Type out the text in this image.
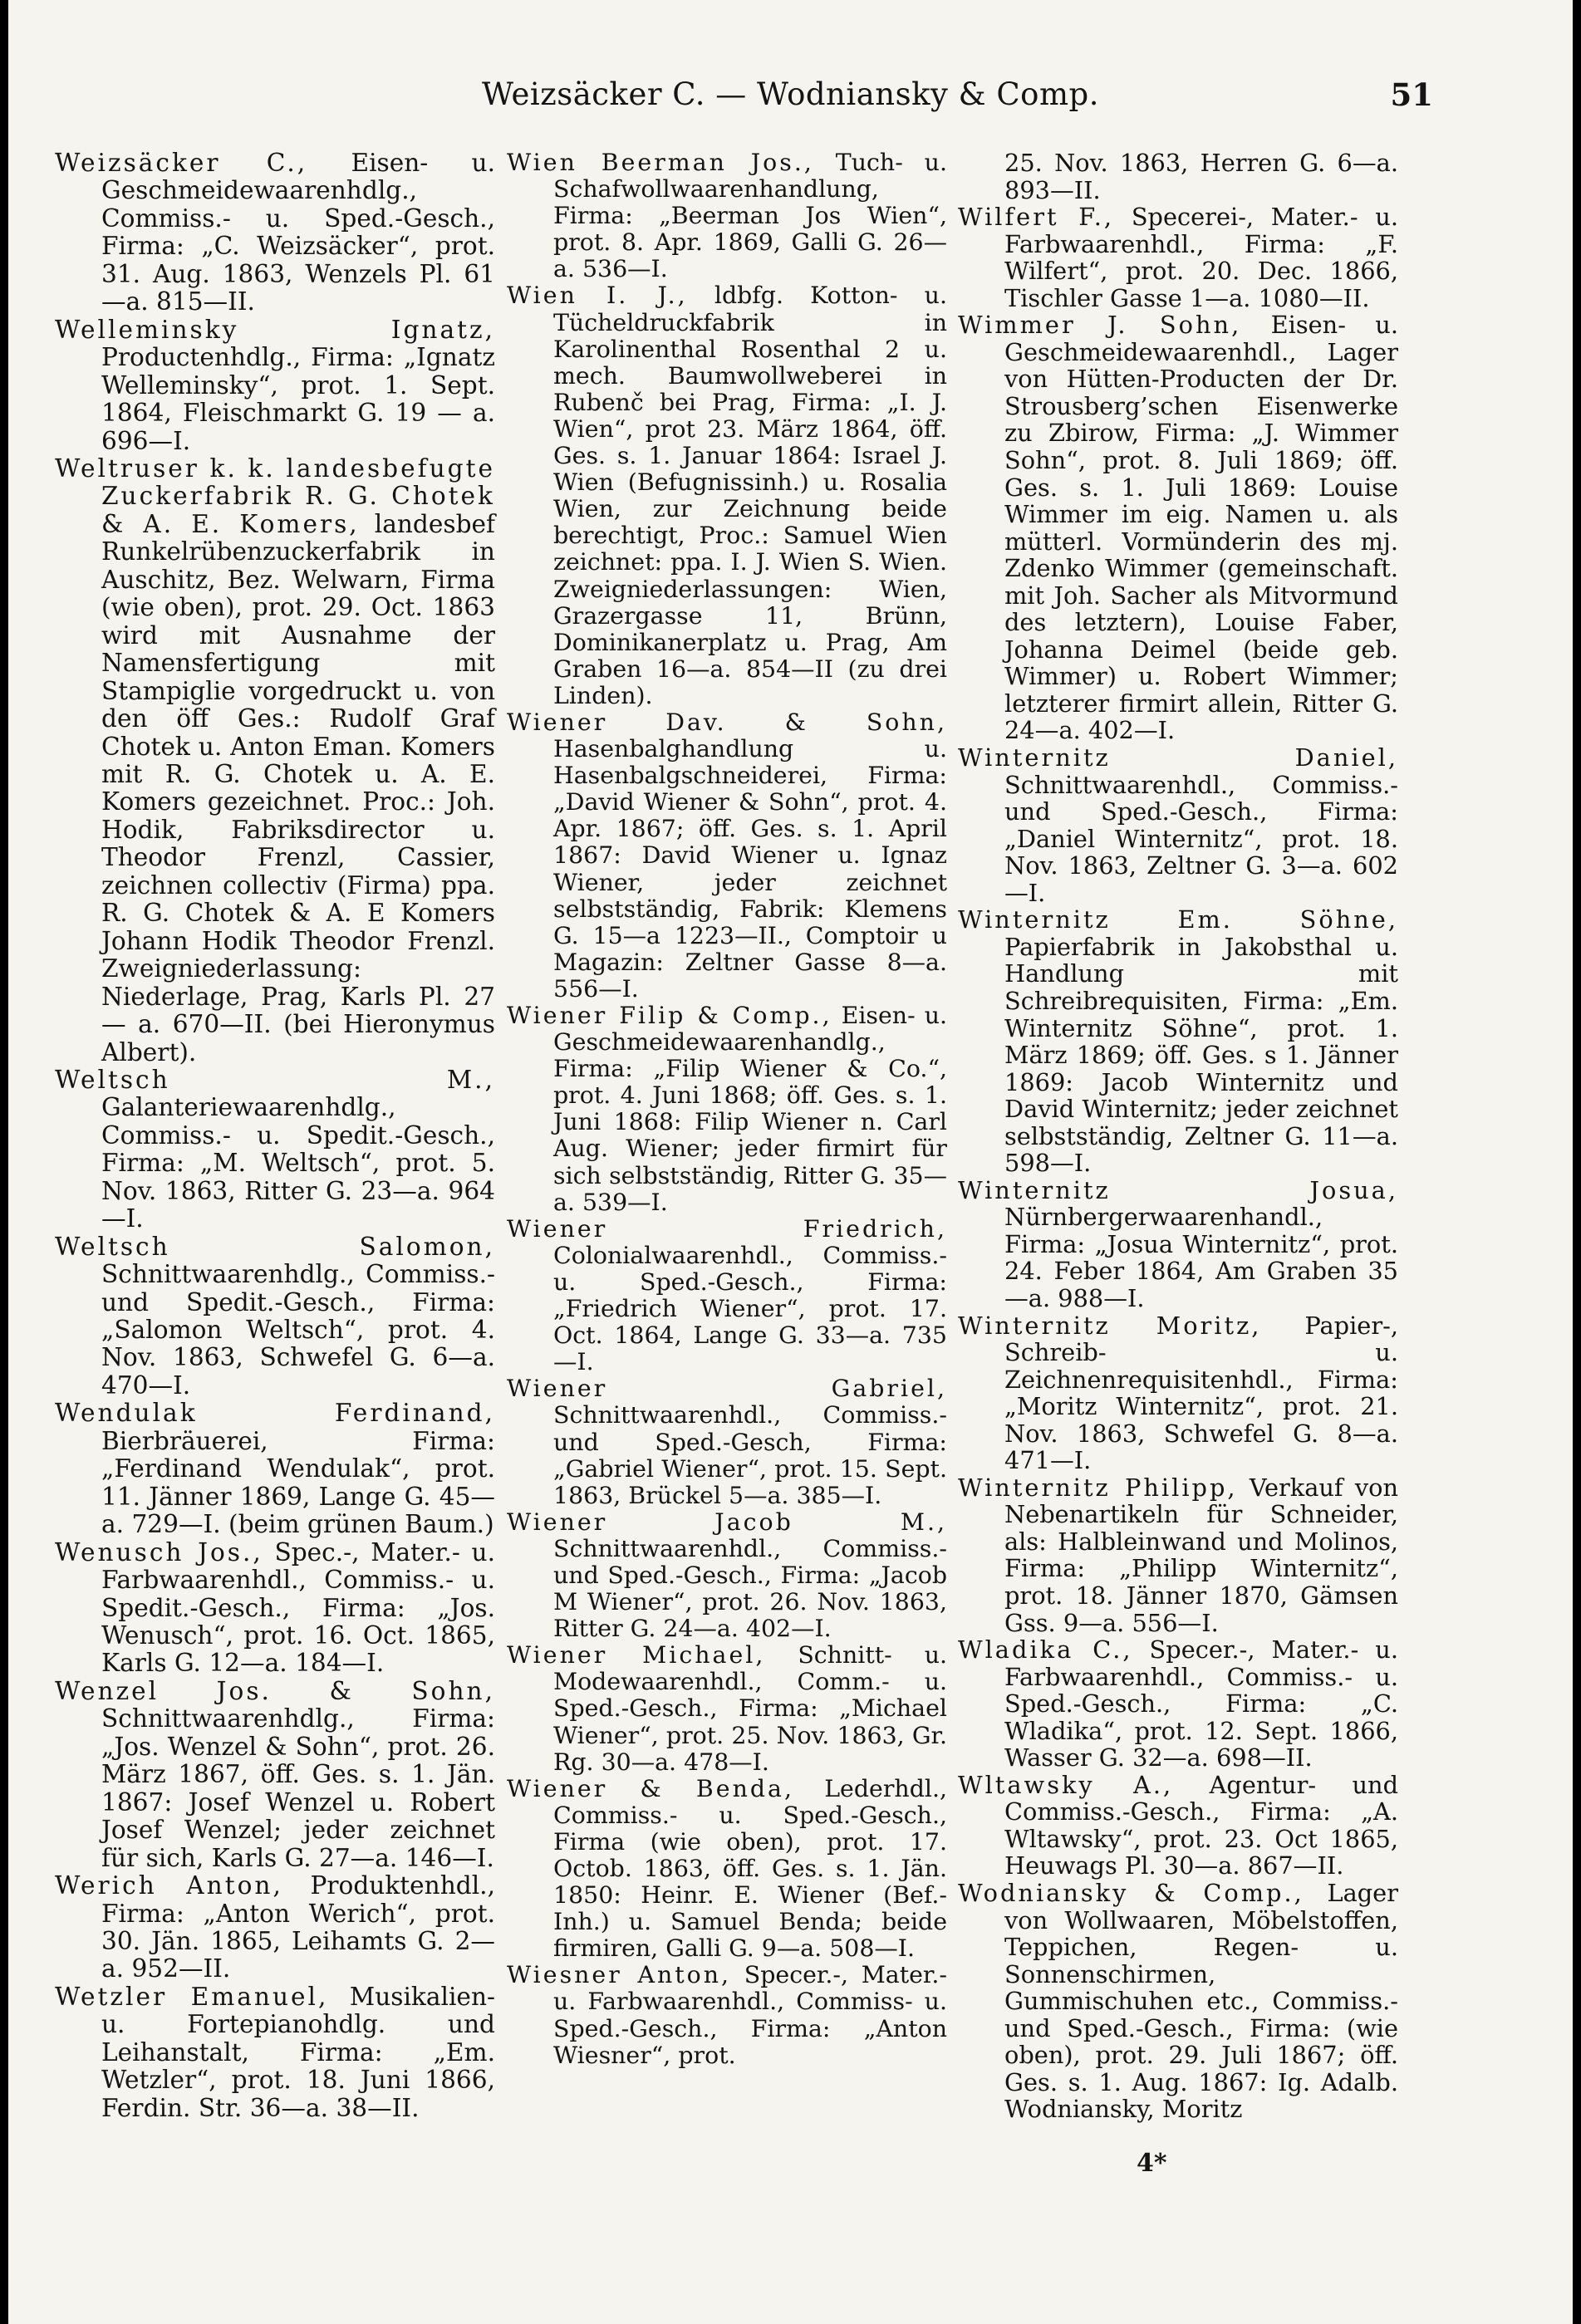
Weizsäcker C. — Wodniansky & Comp.	51

Weizsäcker C., Eisen- u. Geschmeidewaarenhdlg., Commiss.- u. Sped.-Gesch., Firma: „C. Weizsäcker“, prot. 31. Aug. 1863, Wenzels Pl. 61—a. 815—II.

Welleminsky Ignatz, Productenhdlg., Firma: „Ignatz Welleminsky“, prot. 1. Sept. 1864, Fleischmarkt G. 19 — a. 696—I.

Weltruser k. k. landesbefugte Zuckerfabrik R. G. Chotek & A. E. Komers, landesbef Runkelrübenzuckerfabrik in Auschitz, Bez. Welwarn, Firma (wie oben), prot. 29. Oct. 1863 wird mit Ausnahme der Namensfertigung mit Stampiglie vorgedruckt u. von den öff Ges.: Rudolf Graf Chotek u. Anton Eman. Komers mit R. G. Chotek u. A. E. Komers gezeichnet. Proc.: Joh. Hodik, Fabriksdirector u. Theodor Frenzl, Cassier, zeichnen collectiv (Firma) ppa. R. G. Chotek & A. E Komers Johann Hodik Theodor Frenzl. Zweigniederlassung: Niederlage, Prag, Karls Pl. 27 — a. 670—II. (bei Hieronymus Albert).

Weltsch M., Galanteriewaarenhdlg., Commiss.- u. Spedit.-Gesch., Firma: „M. Weltsch“, prot. 5. Nov. 1863, Ritter G. 23—a. 964—I.

Weltsch Salomon, Schnittwaarenhdlg., Commiss.- und Spedit.-Gesch., Firma: „Salomon Weltsch“, prot. 4. Nov. 1863, Schwefel G. 6—a. 470—I.

Wendulak Ferdinand, Bierbräuerei, Firma: „Ferdinand Wendulak“, prot. 11. Jänner 1869, Lange G. 45—a. 729—I. (beim grünen Baum.)

Wenusch Jos., Spec.-, Mater.- u. Farbwaarenhdl., Commiss.- u. Spedit.-Gesch., Firma: „Jos. Wenusch“, prot. 16. Oct. 1865, Karls G. 12—a. 184—I.

Wenzel Jos. & Sohn, Schnittwaarenhdlg., Firma: „Jos. Wenzel & Sohn“, prot. 26. März 1867, öff. Ges. s. 1. Jän. 1867: Josef Wenzel u. Robert Josef Wenzel; jeder zeichnet für sich, Karls G. 27—a. 146—I.

Werich Anton, Produktenhdl., Firma: „Anton Werich“, prot. 30. Jän. 1865, Leihamts G. 2—a. 952—II.

Wetzler Emanuel, Musikalien- u. Fortepianohdlg. und Leihanstalt, Firma: „Em. Wetzler“, prot. 18. Juni 1866, Ferdin. Str. 36—a. 38—II.

Wien Beerman Jos., Tuch- u. Schafwollwaarenhandlung, Firma: „Beerman Jos Wien“, prot. 8. Apr. 1869, Galli G. 26—a. 536—I.

Wien I. J., ldbfg. Kotton- u. Tücheldruckfabrik in Karolinenthal Rosenthal 2 u. mech. Baumwollweberei in Rubenč bei Prag, Firma: „I. J. Wien“, prot 23. März 1864, öff. Ges. s. 1. Januar 1864: Israel J. Wien (Befugnissinh.) u. Rosalia Wien, zur Zeichnung beide berechtigt, Proc.: Samuel Wien zeichnet: ppa. I. J. Wien S. Wien. Zweigniederlassungen: Wien, Grazergasse 11, Brünn, Dominikanerplatz u. Prag, Am Graben 16—a. 854—II (zu drei Linden).

Wiener Dav. & Sohn, Hasenbalghandlung u. Hasenbalgschneiderei, Firma: „David Wiener & Sohn“, prot. 4. Apr. 1867; öff. Ges. s. 1. April 1867: David Wiener u. Ignaz Wiener, jeder zeichnet selbstständig, Fabrik: Klemens G. 15—a 1223—II., Comptoir u Magazin: Zeltner Gasse 8—a. 556—I.

Wiener Filip & Comp., Eisen- u. Geschmeidewaarenhandlg., Firma: „Filip Wiener & Co.“, prot. 4. Juni 1868; öff. Ges. s. 1. Juni 1868: Filip Wiener n. Carl Aug. Wiener; jeder firmirt für sich selbstständig, Ritter G. 35—a. 539—I.

Wiener Friedrich, Colonialwaarenhdl., Commiss.- u. Sped.-Gesch., Firma: „Friedrich Wiener“, prot. 17. Oct. 1864, Lange G. 33—a. 735—I.

Wiener Gabriel, Schnittwaarenhdl., Commiss.- und Sped.-Gesch, Firma: „Gabriel Wiener“, prot. 15. Sept. 1863, Brückel 5—a. 385—I.

Wiener Jacob M., Schnittwaarenhdl., Commiss.- und Sped.-Gesch., Firma: „Jacob M Wiener“, prot. 26. Nov. 1863, Ritter G. 24—a. 402—I.

Wiener Michael, Schnitt- u. Modewaarenhdl., Comm.- u. Sped.-Gesch., Firma: „Michael Wiener“, prot. 25. Nov. 1863, Gr. Rg. 30—a. 478—I.

Wiener & Benda, Lederhdl., Commiss.- u. Sped.-Gesch., Firma (wie oben), prot. 17. Octob. 1863, öff. Ges. s. 1. Jän. 1850: Heinr. E. Wiener (Bef.-Inh.) u. Samuel Benda; beide firmiren, Galli G. 9—a. 508—I.

Wiesner Anton, Specer.-, Mater.- u. Farbwaarenhdl., Commiss- u. Sped.-Gesch., Firma: „Anton Wiesner“, prot.

25. Nov. 1863, Herren G. 6—a. 893—II.

Wilfert F., Specerei-, Mater.- u. Farbwaarenhdl., Firma: „F. Wilfert“, prot. 20. Dec. 1866, Tischler Gasse 1—a. 1080—II.

Wimmer J. Sohn, Eisen- u. Geschmeidewaarenhdl., Lager von Hütten-Producten der Dr. Strousberg’schen Eisenwerke zu Zbirow, Firma: „J. Wimmer Sohn“, prot. 8. Juli 1869; öff. Ges. s. 1. Juli 1869: Louise Wimmer im eig. Namen u. als mütterl. Vormünderin des mj. Zdenko Wimmer (gemeinschaft. mit Joh. Sacher als Mitvormund des letztern), Louise Faber, Johanna Deimel (beide geb. Wimmer) u. Robert Wimmer; letzterer firmirt allein, Ritter G. 24—a. 402—I.

Winternitz Daniel, Schnittwaarenhdl., Commiss.- und Sped.-Gesch., Firma: „Daniel Winternitz“, prot. 18. Nov. 1863, Zeltner G. 3—a. 602—I.

Winternitz Em. Söhne, Papierfabrik in Jakobsthal u. Handlung mit Schreibrequisiten, Firma: „Em. Winternitz Söhne“, prot. 1. März 1869; öff. Ges. s 1. Jänner 1869: Jacob Winternitz und David Winternitz; jeder zeichnet selbstständig, Zeltner G. 11—a. 598—I.

Winternitz Josua, Nürnbergerwaarenhandl., Firma: „Josua Winternitz“, prot. 24. Feber 1864, Am Graben 35—a. 988—I.

Winternitz Moritz, Papier-, Schreib- u. Zeichnenrequisitenhdl., Firma: „Moritz Winternitz“, prot. 21. Nov. 1863, Schwefel G. 8—a. 471—I.

Winternitz Philipp, Verkauf von Nebenartikeln für Schneider, als: Halbleinwand und Molinos, Firma: „Philipp Winternitz“, prot. 18. Jänner 1870, Gämsen Gss. 9—a. 556—I.

Wladika C., Specer.-, Mater.- u. Farbwaarenhdl., Commiss.- u. Sped.-Gesch., Firma: „C. Wladika“, prot. 12. Sept. 1866, Wasser G. 32—a. 698—II.

Wltawsky A., Agentur- und Commiss.-Gesch., Firma: „A. Wltawsky“, prot. 23. Oct 1865, Heuwags Pl. 30—a. 867—II.

Wodniansky & Comp., Lager von Wollwaaren, Möbelstoffen, Teppichen, Regen- u. Sonnenschirmen, Gummischuhen etc., Commiss.- und Sped.-Gesch., Firma: (wie oben), prot. 29. Juli 1867; öff. Ges. s. 1. Aug. 1867: Ig. Adalb. Wodniansky, Moritz

4*
